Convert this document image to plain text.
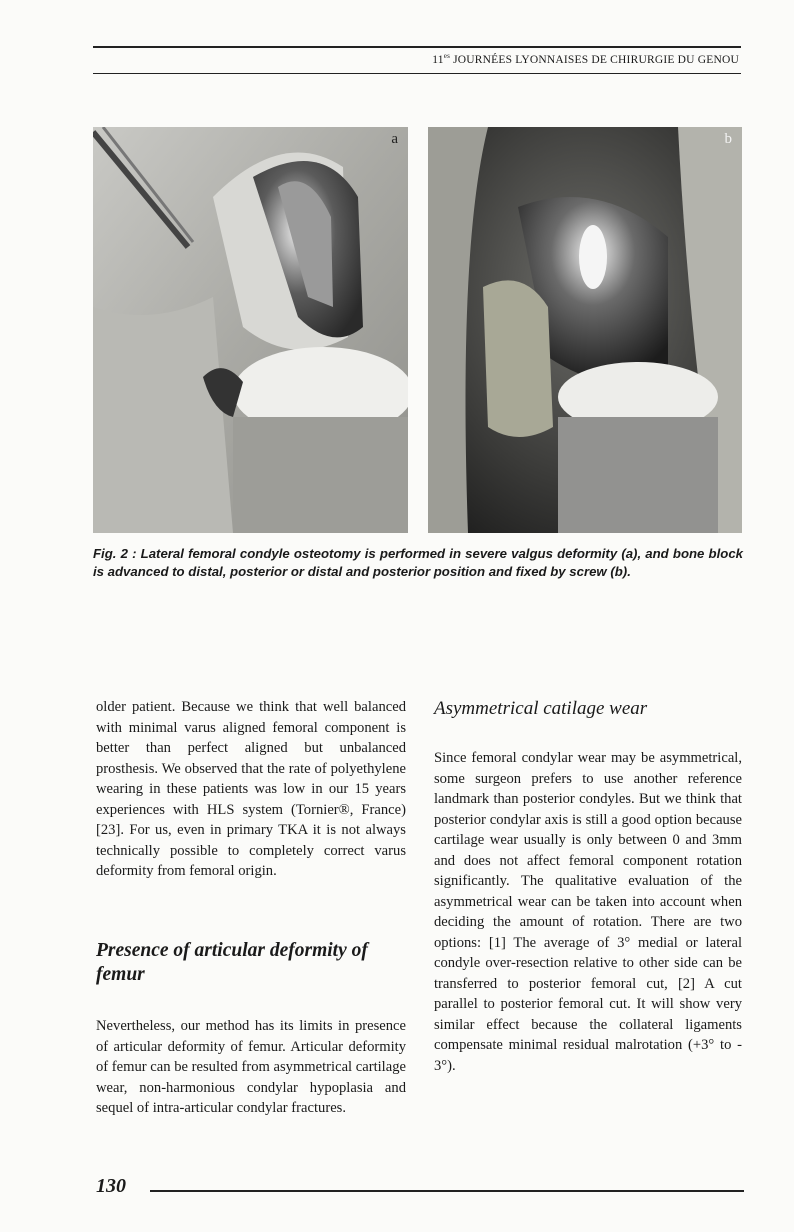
$11^{es}$ JOURNÉES LYONNAISES DE CHIRURGIE DU GENOU
a	b
Fig. 2 : Lateral femoral condyle osteotomy is performed in severe valgus deformity (a), and bone block is advanced to distal, posterior or distal and posterior position and fixed by screw (b).

older patient. Because we think that well balanced with minimal varus aligned femoral component is better than perfect aligned but unbalanced prosthesis. We observed that the rate of polyethylene wearing in these patients was low in our 15 years experiences with HLS system (Tornier®, France) [23]. For us, even in primary TKA it is not always technically possible to completely correct varus deformity from femoral origin.

Presence of articular deformity of femur

Nevertheless, our method has its limits in presence of articular deformity of femur. Articular deformity of femur can be resulted from asymmetrical cartilage wear, non-harmonious condylar hypoplasia and sequel of intra-articular condylar fractures.

Asymmetrical catilage wear

Since femoral condylar wear may be asymmetrical, some surgeon prefers to use another reference landmark than posterior condyles. But we think that posterior condylar axis is still a good option because cartilage wear usually is only between 0 and 3mm and does not affect femoral component rotation significantly. The qualitative evaluation of the asymmetrical wear can be taken into account when deciding the amount of rotation. There are two options: [1] The average of 3° medial or lateral condyle over-resection relative to other side can be transferred to posterior femoral cut, [2] A cut parallel to posterior femoral cut. It will show very similar effect because the collateral ligaments compensate minimal residual malrotation (+3° to - 3°).

130
